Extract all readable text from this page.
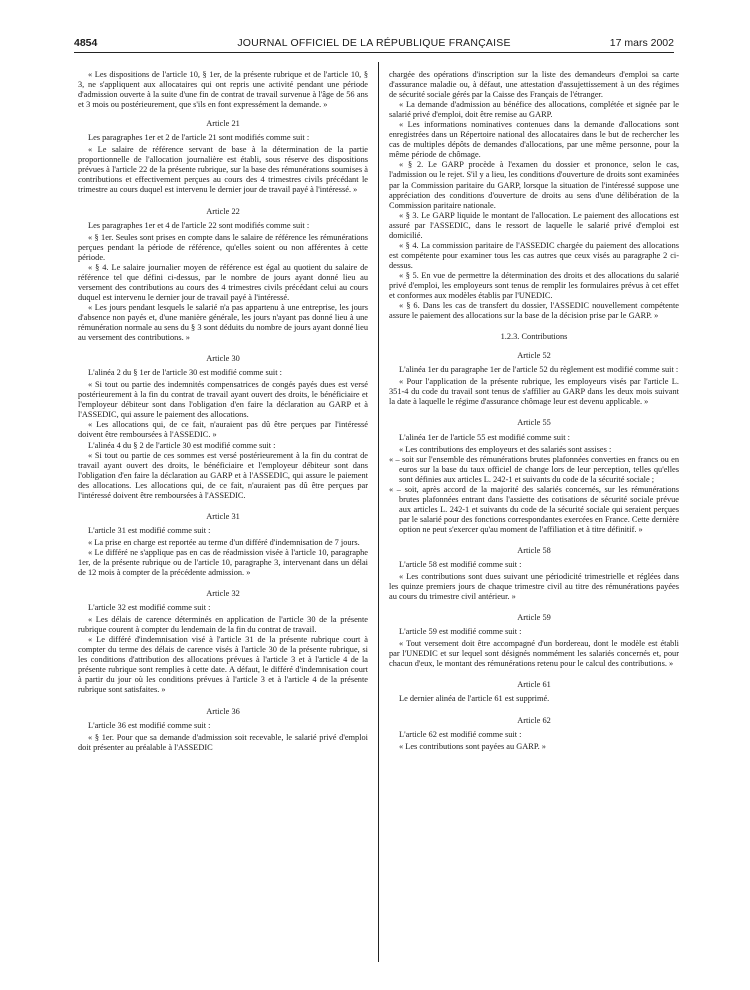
4854	JOURNAL OFFICIEL DE LA RÉPUBLIQUE FRANÇAISE	17 mars 2002

« Les dispositions de l'article 10, § 1er, de la présente rubrique et de l'article 10, § 3, ne s'appliquent aux allocataires qui ont repris une activité pendant une période d'admission ouverte à la suite d'une fin de contrat de travail survenue à l'âge de 56 ans et 3 mois ou postérieurement, que s'ils en font expressément la demande. »

Article 21

Les paragraphes 1er et 2 de l'article 21 sont modifiés comme suit :

« Le salaire de référence servant de base à la détermination de la partie proportionnelle de l'allocation journalière est établi, sous réserve des dispositions prévues à l'article 22 de la présente rubrique, sur la base des rémunérations soumises à contributions et effectivement perçues au cours des 4 trimestres civils précédant le trimestre au cours duquel est intervenu le dernier jour de travail payé à l'intéressé. »

Article 22

Les paragraphes 1er et 4 de l'article 22 sont modifiés comme suit :

« § 1er. Seules sont prises en compte dans le salaire de référence les rémunérations perçues pendant la période de référence, qu'elles soient ou non afférentes à cette période.

« § 4. Le salaire journalier moyen de référence est égal au quotient du salaire de référence tel que défini ci-dessus, par le nombre de jours ayant donné lieu au versement des contributions au cours des 4 trimestres civils précédant celui au cours duquel est intervenu le dernier jour de travail payé à l'intéressé.

« Les jours pendant lesquels le salarié n'a pas appartenu à une entreprise, les jours d'absence non payés et, d'une manière générale, les jours n'ayant pas donné lieu à une rémunération normale au sens du § 3 sont déduits du nombre de jours ayant donné lieu au versement des contributions. »

Article 30

L'alinéa 2 du § 1er de l'article 30 est modifié comme suit :

« Si tout ou partie des indemnités compensatrices de congés payés dues est versé postérieurement à la fin du contrat de travail ayant ouvert des droits, le bénéficiaire et l'employeur débiteur sont dans l'obligation d'en faire la déclaration au GARP et à l'ASSEDIC, qui assure le paiement des allocations.

« Les allocations qui, de ce fait, n'auraient pas dû être perçues par l'intéressé doivent être remboursées à l'ASSEDIC. »

L'alinéa 4 du § 2 de l'article 30 est modifié comme suit :

« Si tout ou partie de ces sommes est versé postérieurement à la fin du contrat de travail ayant ouvert des droits, le bénéficiaire et l'employeur débiteur sont dans l'obligation d'en faire la déclaration au GARP et à l'ASSEDIC, qui assure le paiement des allocations. Les allocations qui, de ce fait, n'auraient pas dû être perçues par l'intéressé doivent être remboursées à l'ASSEDIC.

Article 31

L'article 31 est modifié comme suit :

« La prise en charge est reportée au terme d'un différé d'indemnisation de 7 jours.

« Le différé ne s'applique pas en cas de réadmission visée à l'article 10, paragraphe 1er, de la présente rubrique ou de l'article 10, paragraphe 3, intervenant dans un délai de 12 mois à compter de la précédente admission. »

Article 32

L'article 32 est modifié comme suit :

« Les délais de carence déterminés en application de l'article 30 de la présente rubrique courent à compter du lendemain de la fin du contrat de travail.

« Le différé d'indemnisation visé à l'article 31 de la présente rubrique court à compter du terme des délais de carence visés à l'article 30 de la présente rubrique, si les conditions d'attribution des allocations prévues à l'article 3 et à l'article 4 de la présente rubrique sont remplies à cette date. A défaut, le différé d'indemnisation court à partir du jour où les conditions prévues à l'article 3 et à l'article 4 de la présente rubrique sont satisfaites. »

Article 36

L'article 36 est modifié comme suit :

« § 1er. Pour que sa demande d'admission soit recevable, le salarié privé d'emploi doit présenter au préalable à l'ASSEDIC

chargée des opérations d'inscription sur la liste des demandeurs d'emploi sa carte d'assurance maladie ou, à défaut, une attestation d'assujettissement à un des régimes de sécurité sociale gérés par la Caisse des Français de l'étranger.

« La demande d'admission au bénéfice des allocations, complétée et signée par le salarié privé d'emploi, doit être remise au GARP.

« Les informations nominatives contenues dans la demande d'allocations sont enregistrées dans un Répertoire national des allocataires dans le but de rechercher les cas de multiples dépôts de demandes d'allocations, par une même personne, pour la même période de chômage.

« § 2. Le GARP procède à l'examen du dossier et prononce, selon le cas, l'admission ou le rejet. S'il y a lieu, les conditions d'ouverture de droits sont examinées par la Commission paritaire du GARP, lorsque la situation de l'intéressé suppose une appréciation des conditions d'ouverture de droits au sens d'une délibération de la Commission paritaire nationale.

« § 3. Le GARP liquide le montant de l'allocation. Le paiement des allocations est assuré par l'ASSEDIC, dans le ressort de laquelle le salarié privé d'emploi est domicilié.

« § 4. La commission paritaire de l'ASSEDIC chargée du paiement des allocations est compétente pour examiner tous les cas autres que ceux visés au paragraphe 2 ci-dessus.

« § 5. En vue de permettre la détermination des droits et des allocations du salarié privé d'emploi, les employeurs sont tenus de remplir les formulaires prévus à cet effet et conformes aux modèles établis par l'UNEDIC.

« § 6. Dans les cas de transfert du dossier, l'ASSEDIC nouvellement compétente assure le paiement des allocations sur la base de la décision prise par le GARP. »

1.2.3. Contributions

Article 52

L'alinéa 1er du paragraphe 1er de l'article 52 du règlement est modifié comme suit :

« Pour l'application de la présente rubrique, les employeurs visés par l'article L. 351-4 du code du travail sont tenus de s'affilier au GARP dans les deux mois suivant la date à laquelle le régime d'assurance chômage leur est devenu applicable. »

Article 55

L'alinéa 1er de l'article 55 est modifié comme suit :

« Les contributions des employeurs et des salariés sont assises :

« – soit sur l'ensemble des rémunérations brutes plafonnées converties en francs ou en euros sur la base du taux officiel de change lors de leur perception, telles qu'elles sont définies aux articles L. 242-1 et suivants du code de la sécurité sociale ;

« – soit, après accord de la majorité des salariés concernés, sur les rémunérations brutes plafonnées entrant dans l'assiette des cotisations de sécurité sociale prévue aux articles L. 242-1 et suivants du code de la sécurité sociale qui seraient perçues par le salarié pour des fonctions correspondantes exercées en France. Cette dernière option ne peut s'exercer qu'au moment de l'affiliation et à titre définitif. »

Article 58

L'article 58 est modifié comme suit :

« Les contributions sont dues suivant une périodicité trimestrielle et réglées dans les quinze premiers jours de chaque trimestre civil au titre des rémunérations payées au cours du trimestre civil antérieur. »

Article 59

L'article 59 est modifié comme suit :

« Tout versement doit être accompagné d'un bordereau, dont le modèle est établi par l'UNEDIC et sur lequel sont désignés nommément les salariés concernés et, pour chacun d'eux, le montant des rémunérations retenu pour le calcul des contributions. »

Article 61

Le dernier alinéa de l'article 61 est supprimé.

Article 62

L'article 62 est modifié comme suit :

« Les contributions sont payées au GARP. »
